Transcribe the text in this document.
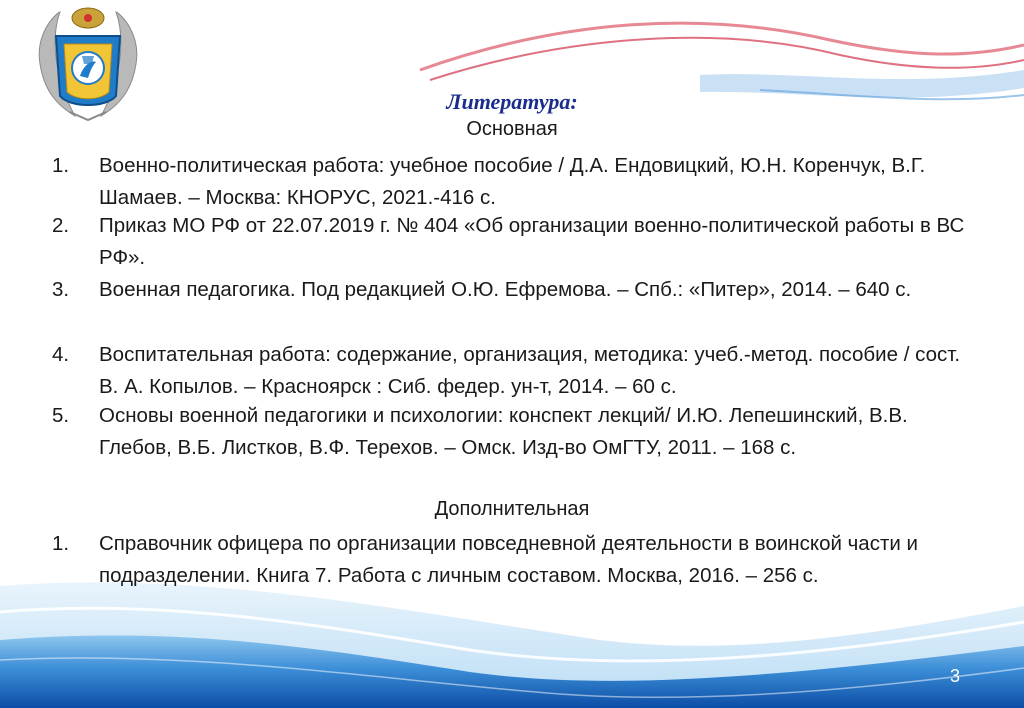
Литература:

Основная

1.	Военно-политическая работа: учебное пособие / Д.А. Ендовицкий, Ю.Н. Коренчук, В.Г. Шамаев. – Москва: КНОРУС, 2021.-416 с.
2.	Приказ МО РФ от 22.07.2019 г. № 404 «Об организации военно-политической работы в ВС РФ».
3.	Военная педагогика. Под редакцией О.Ю. Ефремова. – Спб.: «Питер», 2014. – 640 с.
4.	Воспитательная работа: содержание, организация, методика: учеб.-метод. пособие / сост. В. А. Копылов. – Красноярск : Сиб. федер. ун-т, 2014. – 60 с.
5.	Основы военной педагогики и психологии: конспект лекций/ И.Ю. Лепешинский, В.В. Глебов, В.Б. Листков, В.Ф. Терехов. – Омск. Изд-во ОмГТУ, 2011. – 168 с.

Дополнительная

1.	Справочник офицера по организации повседневной деятельности в воинской части и подразделении. Книга 7. Работа с личным составом. Москва, 2016. – 256 с.
3
